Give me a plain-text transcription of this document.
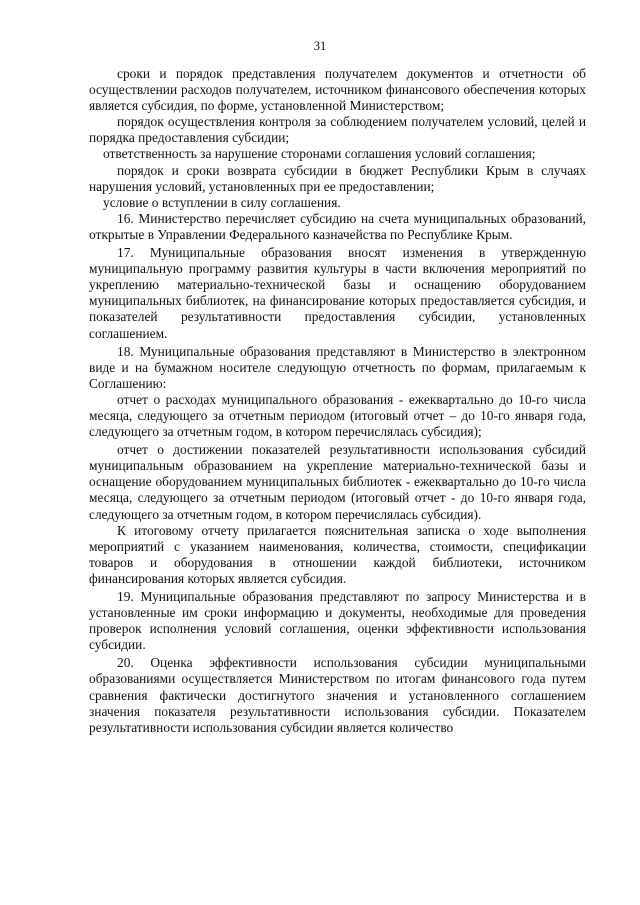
31

сроки и порядок представления получателем документов и отчетности об осуществлении расходов получателем, источником финансового обеспечения которых является субсидия, по форме, установленной Министерством;

порядок осуществления контроля за соблюдением получателем условий, целей и порядка предоставления субсидии;

ответственность за нарушение сторонами соглашения условий соглашения;

порядок и сроки возврата субсидии в бюджет Республики Крым в случаях нарушения условий, установленных при ее предоставлении;

условие о вступлении в силу соглашения.

16. Министерство перечисляет субсидию на счета муниципальных образований, открытые в Управлении Федерального казначейства по Республике Крым.

17. Муниципальные образования вносят изменения в утвержденную муниципальную программу развития культуры в части включения мероприятий по укреплению материально-технической базы и оснащению оборудованием муниципальных библиотек, на финансирование которых предоставляется субсидия, и показателей результативности предоставления субсидии, установленных соглашением.

18. Муниципальные образования представляют в Министерство в электронном виде и на бумажном носителе следующую отчетность по формам, прилагаемым к Соглашению:

отчет о расходах муниципального образования - ежеквартально до 10-го числа месяца, следующего за отчетным периодом (итоговый отчет – до 10-го января года, следующего за отчетным годом, в котором перечислялась субсидия);

отчет о достижении показателей результативности использования субсидий муниципальным образованием на укрепление материально-технической базы и оснащение оборудованием муниципальных библиотек - ежеквартально до 10-го числа месяца, следующего за отчетным периодом (итоговый отчет - до 10-го января года, следующего за отчетным годом, в котором перечислялась субсидия).

К итоговому отчету прилагается пояснительная записка о ходе выполнения мероприятий с указанием наименования, количества, стоимости, спецификации товаров и оборудования в отношении каждой библиотеки, источником финансирования которых является субсидия.

19. Муниципальные образования представляют по запросу Министерства и в установленные им сроки информацию и документы, необходимые для проведения проверок исполнения условий соглашения, оценки эффективности использования субсидии.

20. Оценка эффективности использования субсидии муниципальными образованиями осуществляется Министерством по итогам финансового года путем сравнения фактически достигнутого значения и установленного соглашением значения показателя результативности использования субсидии. Показателем результативности использования субсидии является количество
